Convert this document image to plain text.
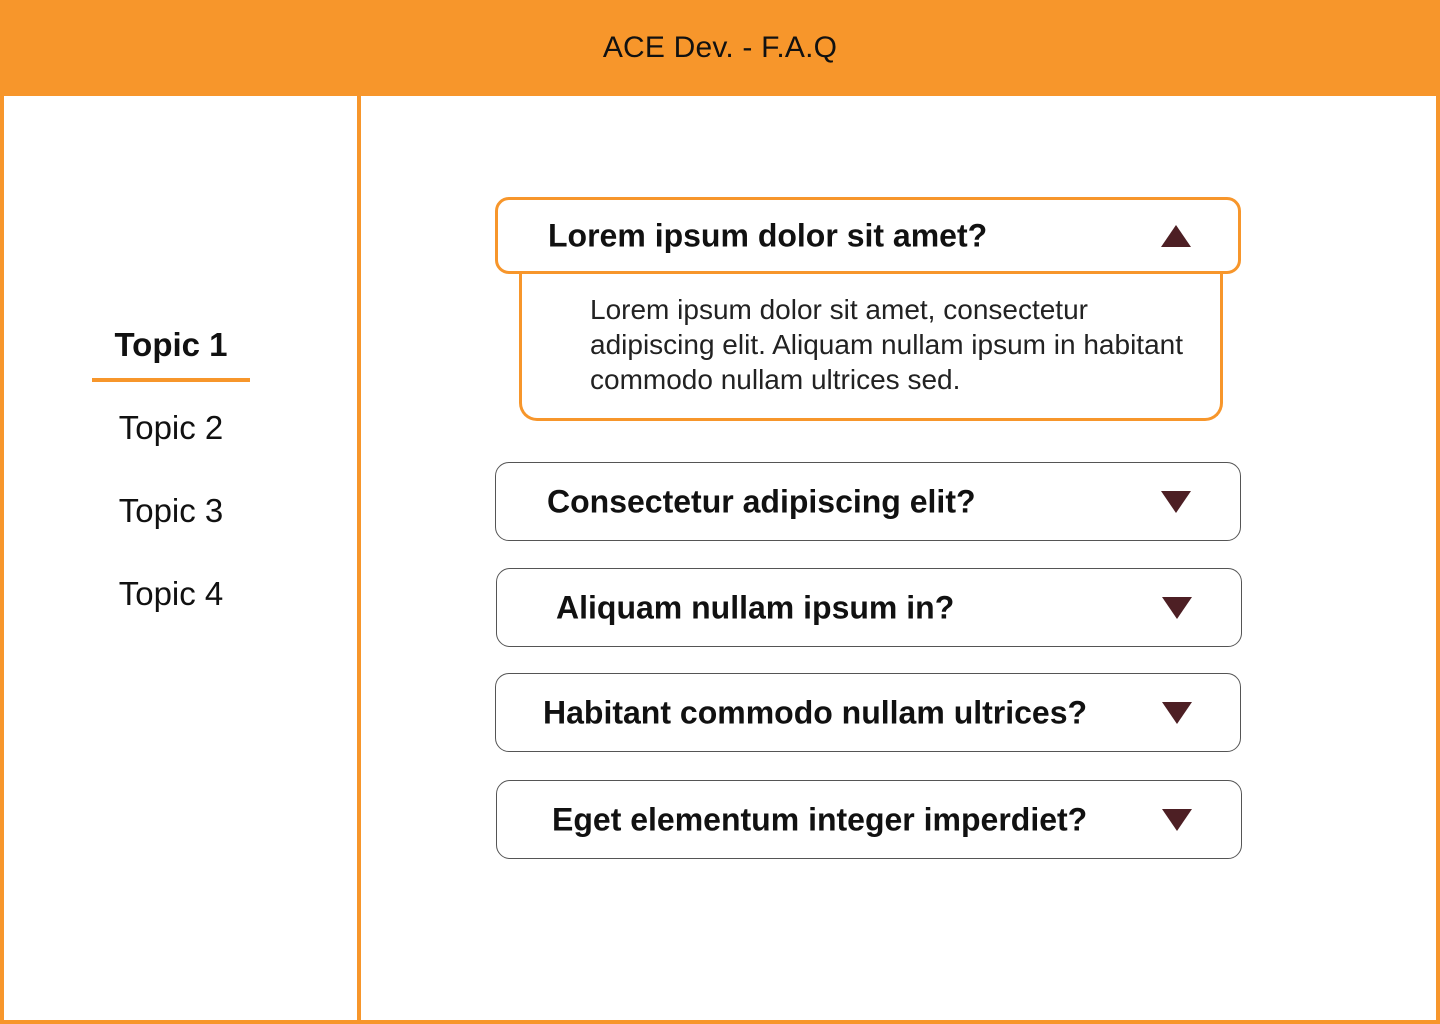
ACE Dev. - F.A.Q
Topic 1
Topic 2
Topic 3
Topic 4
Lorem ipsum dolor sit amet?
Lorem ipsum dolor sit amet, consectetur adipiscing elit. Aliquam nullam ipsum in habitant commodo nullam ultrices sed.
Consectetur adipiscing elit?
Aliquam nullam ipsum in?
Habitant commodo nullam ultrices?
Eget elementum integer imperdiet?
